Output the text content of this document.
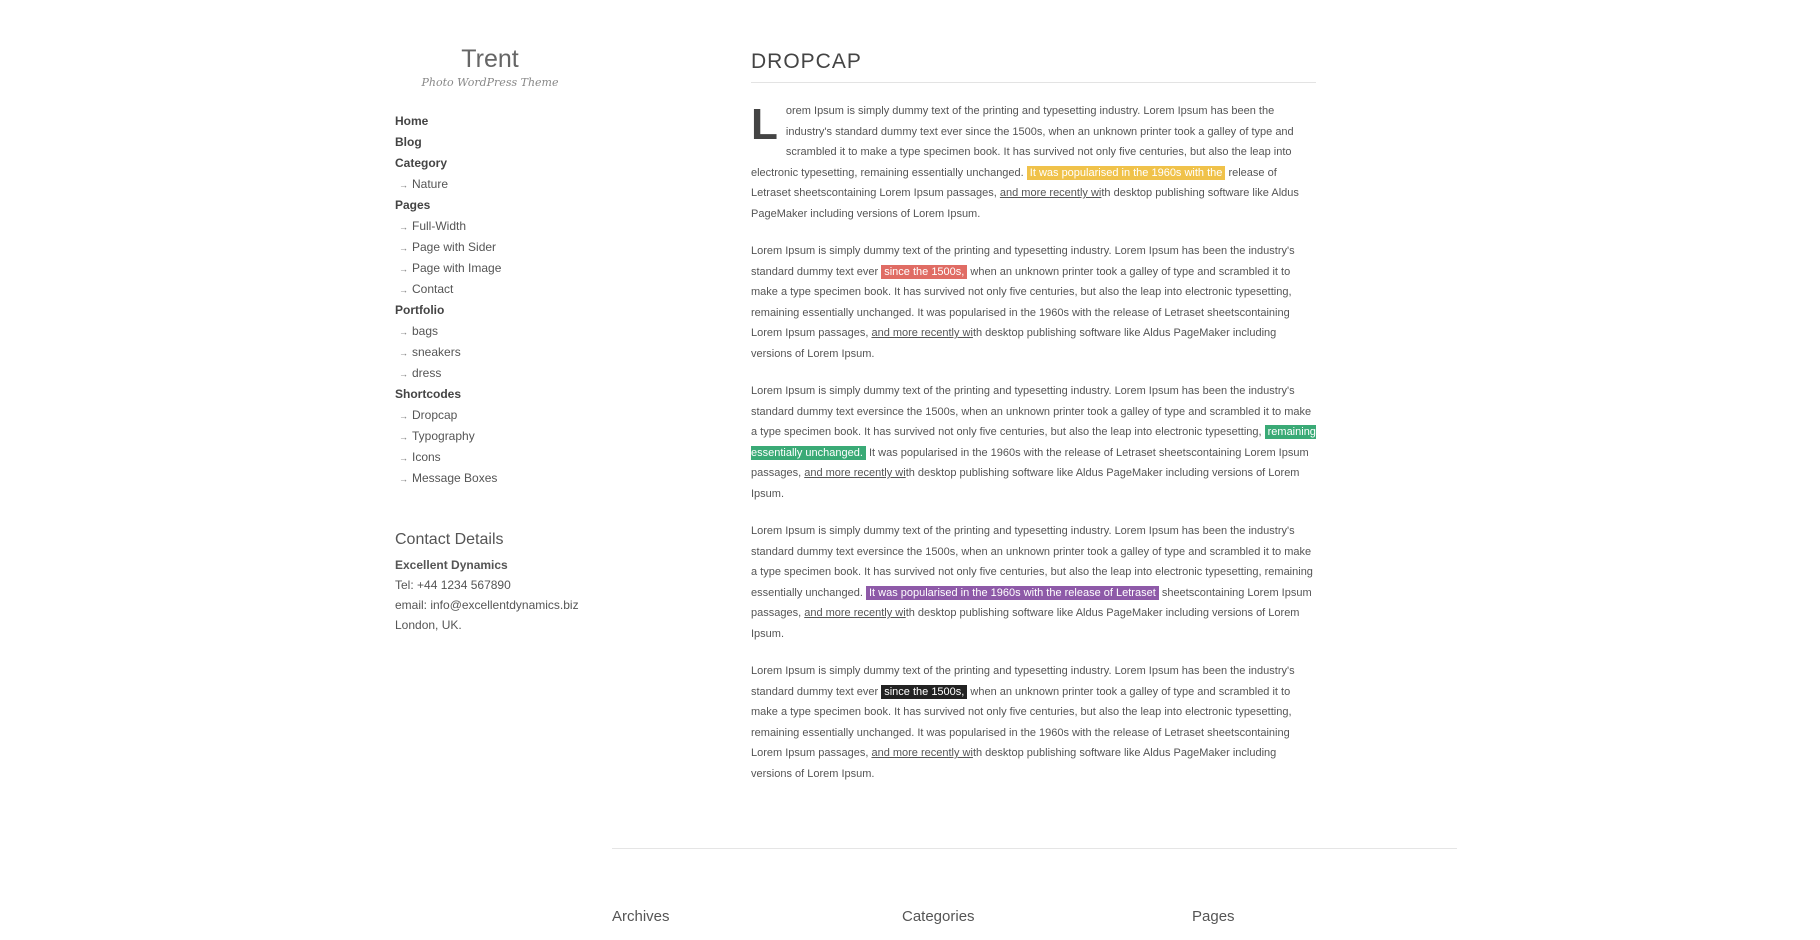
Trent
Photo WordPress Theme
Home
Blog
Category
→ Nature
Pages
→ Full-Width
→ Page with Sider
→ Page with Image
→ Contact
Portfolio
→ bags
→ sneakers
→ dress
Shortcodes
→ Dropcap
→ Typography
→ Icons
→ Message Boxes
Contact Details
Excellent Dynamics
Tel: +44 1234 567890
email: info@excellentdynamics.biz
London, UK.
DROPCAP

Lorem Ipsum is simply dummy text of the printing and typesetting industry. Lorem Ipsum has been the industry's standard dummy text ever since the 1500s, when an unknown printer took a galley of type and scrambled it to make a type specimen book. It has survived not only five centuries, but also the leap into electronic typesetting, remaining essentially unchanged. It was popularised in the 1960s with the release of Letraset sheetscontaining Lorem Ipsum passages, and more recently with desktop publishing software like Aldus PageMaker including versions of Lorem Ipsum.

Lorem Ipsum is simply dummy text of the printing and typesetting industry. Lorem Ipsum has been the industry's standard dummy text ever since the 1500s, when an unknown printer took a galley of type and scrambled it to make a type specimen book. It has survived not only five centuries, but also the leap into electronic typesetting, remaining essentially unchanged. It was popularised in the 1960s with the release of Letraset sheetscontaining Lorem Ipsum passages, and more recently with desktop publishing software like Aldus PageMaker including versions of Lorem Ipsum.

Lorem Ipsum is simply dummy text of the printing and typesetting industry. Lorem Ipsum has been the industry's standard dummy text eversince the 1500s, when an unknown printer took a galley of type and scrambled it to make a type specimen book. It has survived not only five centuries, but also the leap into electronic typesetting, remaining essentially unchanged. It was popularised in the 1960s with the release of Letraset sheetscontaining Lorem Ipsum passages, and more recently with desktop publishing software like Aldus PageMaker including versions of Lorem Ipsum.

Lorem Ipsum is simply dummy text of the printing and typesetting industry. Lorem Ipsum has been the industry's standard dummy text eversince the 1500s, when an unknown printer took a galley of type and scrambled it to make a type specimen book. It has survived not only five centuries, but also the leap into electronic typesetting, remaining essentially unchanged. It was popularised in the 1960s with the release of Letraset sheetscontaining Lorem Ipsum passages, and more recently with desktop publishing software like Aldus PageMaker including versions of Lorem Ipsum.

Lorem Ipsum is simply dummy text of the printing and typesetting industry. Lorem Ipsum has been the industry's standard dummy text ever since the 1500s, when an unknown printer took a galley of type and scrambled it to make a type specimen book. It has survived not only five centuries, but also the leap into electronic typesetting, remaining essentially unchanged. It was popularised in the 1960s with the release of Letraset sheetscontaining Lorem Ipsum passages, and more recently with desktop publishing software like Aldus PageMaker including versions of Lorem Ipsum.

Archives	Categories	Pages
